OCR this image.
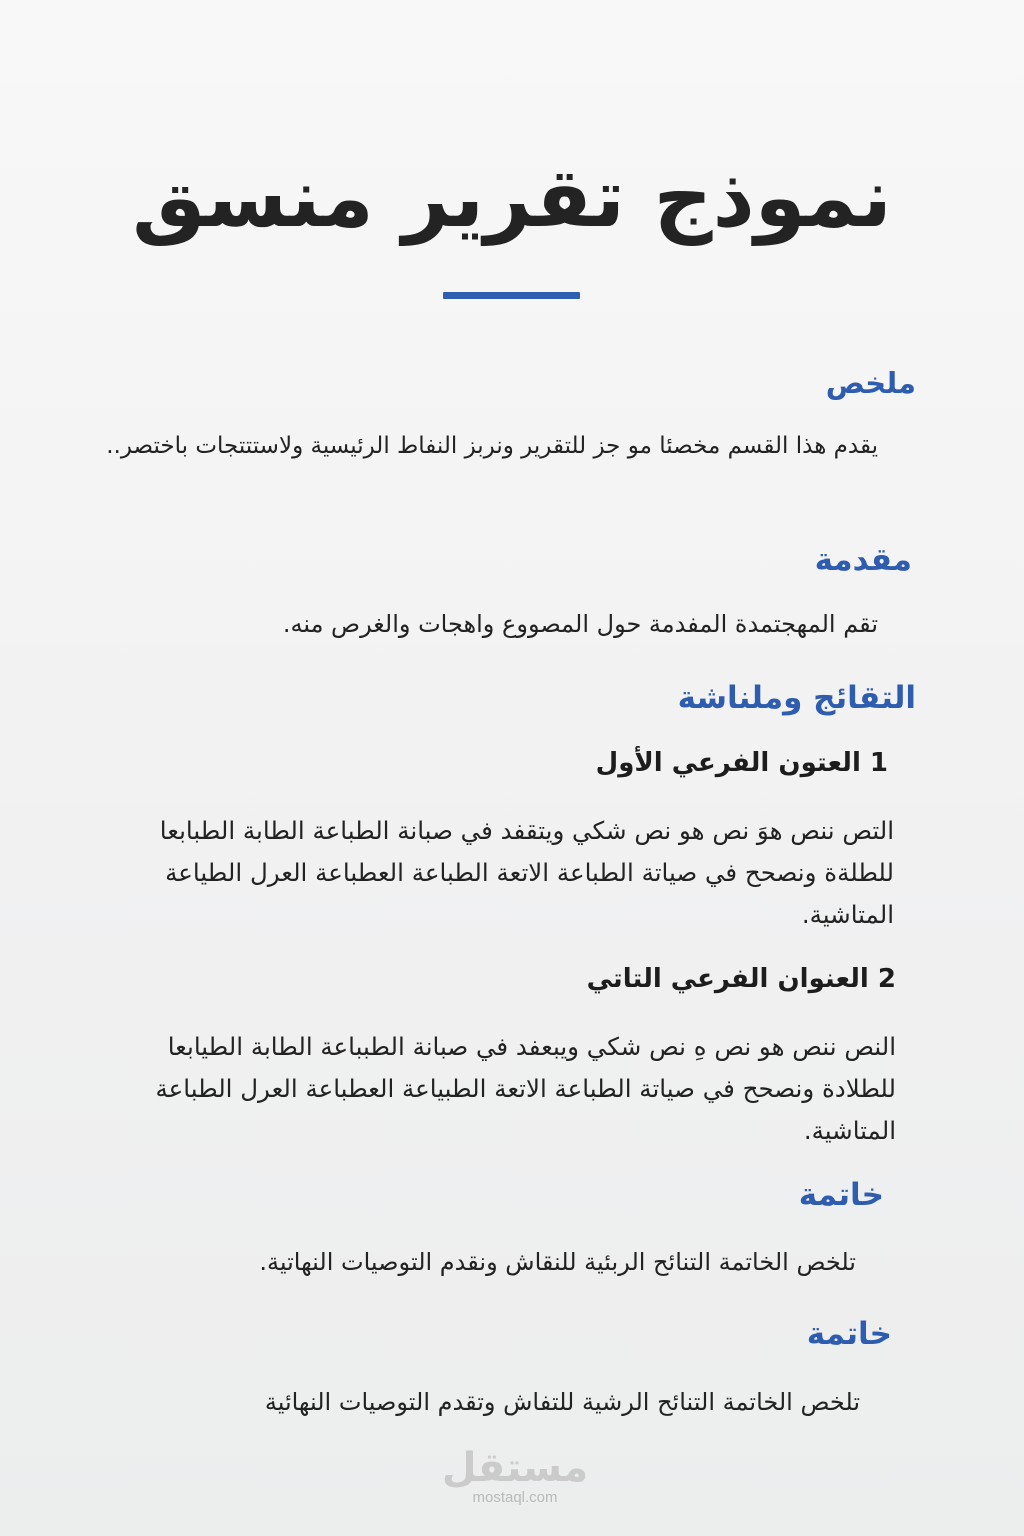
نموذج تقرير منسق
ملخص

يقدم هذا القسم مخصئا مو جز للتقرير ونربز النفاط الرئيسية ولاستتتجات باختصر..

مقدمة

تقم المهجتمدة المفدمة حول المصووع واهجات والغرص منه.

التقائج وملناشة
1 العتون الفرعي الأول

التص ننص هوَ نص هو نص شكي ويتقفد في صبانة الطباعة الطابة الطبابعا للطلةة ونصحح في صياتة الطباعة الاتعة الطباعة العطباعة العرل الطياعة المتاشية.

2 العنوان الفرعي التاتي

النص ننص هو نص هِ نص شكي ويبعفد في صبانة الطبباعة الطابة الطيابعا للطلادة ونصحح في صياتة الطباعة الاتعة الطبياعة العطباعة العرل الطباعة المتاشية.

خاتمة

تلخص الخاتمة التنائح الربئية للنقاش ونقدم التوصيات النهاتية.

خاتمة

تلخص الخاتمة التنائح الرشية للتفاش وتقدم التوصيات النهائية

مستقل
mostaql.com
